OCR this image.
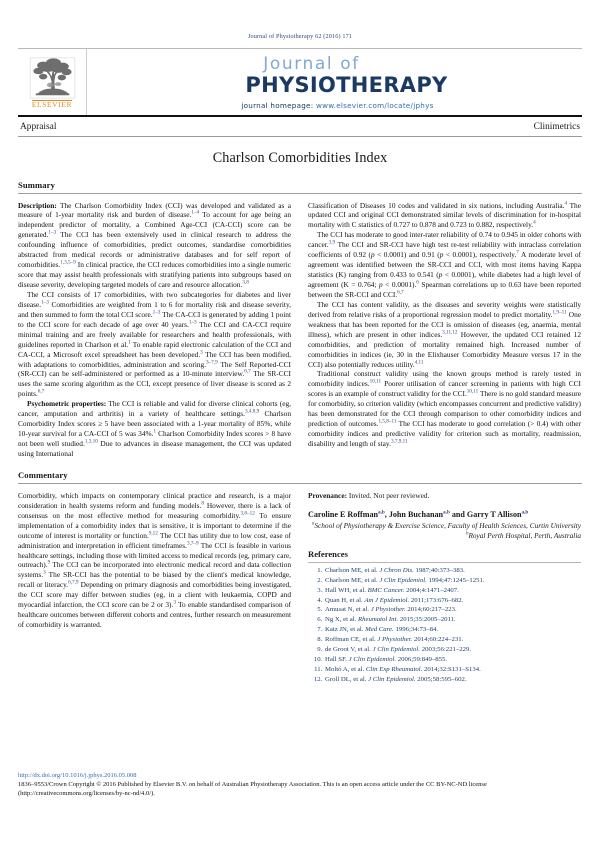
Journal of Physiotherapy 62 (2016) 171
ELSEVIER
Journal of
PHYSIOTHERAPY
journal homepage: www.elsevier.com/locate/jphys
Appraisal	Clinimetrics
Charlson Comorbidities Index
Summary

Description: The Charlson Comorbidity Index (CCI) was developed and validated as a measure of 1-year mortality risk and burden of disease.$^{1-4}$ To account for age being an independent predictor of mortality, a Combined Age-CCI (CA-CCI) score can be generated.$^{1-3}$ The CCI has been extensively used in clinical research to address the confounding influence of comorbidities, predict outcomes, standardise comorbidities abstracted from medical records or administrative databases and for self report of comorbidities.$^{1,3,5-9}$ In clinical practice, the CCI reduces comorbidities into a single numeric score that may assist health professionals with stratifying patients into subgroups based on disease severity, developing targeted models of care and resource allocation.$^{3,8}$

The CCI consists of 17 comorbidities, with two subcategories for diabetes and liver disease.$^{1-3}$ Comorbidities are weighted from 1 to 6 for mortality risk and disease severity, and then summed to form the total CCI score.$^{1-3}$ The CA-CCI is generated by adding 1 point to the CCI score for each decade of age over 40 years.$^{1-3}$ The CCI and CA-CCI require minimal training and are freely available for researchers and health professionals, with guidelines reported in Charlson et al.$^1$ To enable rapid electronic calculation of the CCI and CA-CCI, a Microsoft excel spreadsheet has been developed.$^3$ The CCI has been modified, with adaptations to comorbidities, administration and scoring.$^{3-7,9}$ The Self Reported-CCI (SR-CCI) can be self-administered or performed as a 10-minute interview.$^{6,7}$ The SR-CCI uses the same scoring algorithm as the CCI, except presence of liver disease is scored as 2 points.$^{6,7}$

Psychometric properties: The CCI is reliable and valid for diverse clinical cohorts (eg, cancer, amputation and arthritis) in a variety of healthcare settings.$^{3,4,8,9}$ Charlson Comorbidity Index scores ≥ 5 have been associated with a 1-year mortality of 85%, while 10-year survival for a CA-CCI of 5 was 34%.$^1$ Charlson Comorbidity Index scores > 8 have not been well studied.$^{1,3,10}$ Due to advances in disease management, the CCI was updated using International

Classification of Diseases 10 codes and validated in six nations, including Australia.$^4$ The updated CCI and original CCI demonstrated similar levels of discrimination for in-hospital mortality with C statistics of 0.727 to 0.878 and 0.723 to 0.882, respectively.$^4$

The CCI has moderate to good inter-rater reliability of 0.74 to 0.945 in older cohorts with cancer.$^{3,9}$ The CCI and SR-CCI have high test re-test reliability with intraclass correlation coefficients of 0.92 (p < 0.0001) and 0.91 (p < 0.0001), respectively.$^7$ A moderate level of agreement was identified between the SR-CCI and CCI, with most items having Kappa statistics (K) ranging from 0.433 to 0.541 (p < 0.0001), while diabetes had a high level of agreement (K = 0.764; p < 0.0001).$^6$ Spearman correlations up to 0.63 have been reported between the SR-CCI and CCI.$^{6,7}$

The CCI has content validity, as the diseases and severity weights were statistically derived from relative risks of a proportional regression model to predict mortality.$^{1,9-11}$ One weakness that has been reported for the CCI is omission of diseases (eg, anaemia, mental illness), which are present in other indices.$^{3,11,12}$ However, the updated CCI retained 12 comorbidities, and prediction of mortality remained high. Increased number of comorbidities in indices (ie, 30 in the Elixhauser Comorbidity Measure versus 17 in the CCI) also potentially reduces utility.$^{4,11}$

Traditional construct validity using the known groups method is rarely tested in comorbidity indices.$^{10,11}$ Poorer utilisation of cancer screening in patients with high CCI scores is an example of construct validity for the CCI.$^{10,11}$ There is no gold standard measure for comorbidity, so criterion validity (which encompasses concurrent and predictive validity) has been demonstrated for the CCI through comparison to other comorbidity indices and prediction of outcomes.$^{1,5,8-11}$ The CCI has moderate to good correlation (> 0.4) with other comorbidity indices and predictive validity for criterion such as mortality, readmission, disability and length of stay.$^{3,7,9,11}$

Commentary

Comorbidity, which impacts on contemporary clinical practice and research, is a major consideration in health systems reform and funding models.$^8$ However, there is a lack of consensus on the most effective method for measuring comorbidity.$^{3,8-12}$ To ensure implementation of a comorbidity index that is sensitive, it is important to determine if the outcome of interest is mortality or function.$^{9,12}$ The CCI has utility due to low cost, ease of administration and interpretation in efficient timeframes.$^{3,7-9}$ The CCI is feasible in various healthcare settings, including those with limited access to medical records (eg, primary care, outreach).$^9$ The CCI can be incorporated into electronic medical record and data collection systems.$^3$ The SR-CCI has the potential to be biased by the client's medical knowledge, recall or literacy.$^{6,7,9}$ Depending on primary diagnosis and comorbidities being investigated, the CCI score may differ between studies (eg, in a client with leukaemia, COPD and myocardial infarction, the CCI score can be 2 or 3).$^3$ To enable standardised comparison of healthcare outcomes between different cohorts and centres, further research on measurement of comorbidity is warranted.

Provenance: Invited. Not peer reviewed.

Caroline E Roffman$^{a,b}$, John Buchanan$^{a,b}$ and Garry T Allison$^{a,b}$

$^a$School of Physiotherapy & Exercise Science, Faculty of Health Sciences, Curtin University

$^b$Royal Perth Hospital, Perth, Australia

References
1. Charlson ME, et al. J Chron Dis. 1987;40:373–383.
2. Charlson ME, et al. J Clin Epidemiol. 1994;47:1245–1251.
3. Hall WH, et al. BMC Cancer. 2004;4:1471–2407.
4. Quan H, et al. Am J Epidemiol. 2011;173:676–682.
5. Amusat N, et al. J Physiother. 2014;60:217–223.
6. Ng X, et al. Rheumatol Int. 2015;35:2005–2011.
7. Katz JN, et al. Med Care. 1996;34:73–84.
8. Roffman CE, et al. J Physiother. 2014;60:224–231.
9. de Groot V, et al. J Clin Epidemiol. 2003;56:221–229.
10. Hall SF. J Clin Epidemiol. 2006;59:849–855.
11. Moltó A, et al. Clin Exp Rheumatol. 2014;32:S131–S134.
12. Groll DL, et al. J Clin Epidemiol. 2005;58:595–602.
http://dx.doi.org/10.1016/j.jphys.2016.05.008
1836–9553/Crown Copyright © 2016 Published by Elsevier B.V. on behalf of Australian Physiotherapy Association. This is an open access article under the CC BY-NC-ND license (http://creativecommons.org/licenses/by-nc-nd/4.0/).
